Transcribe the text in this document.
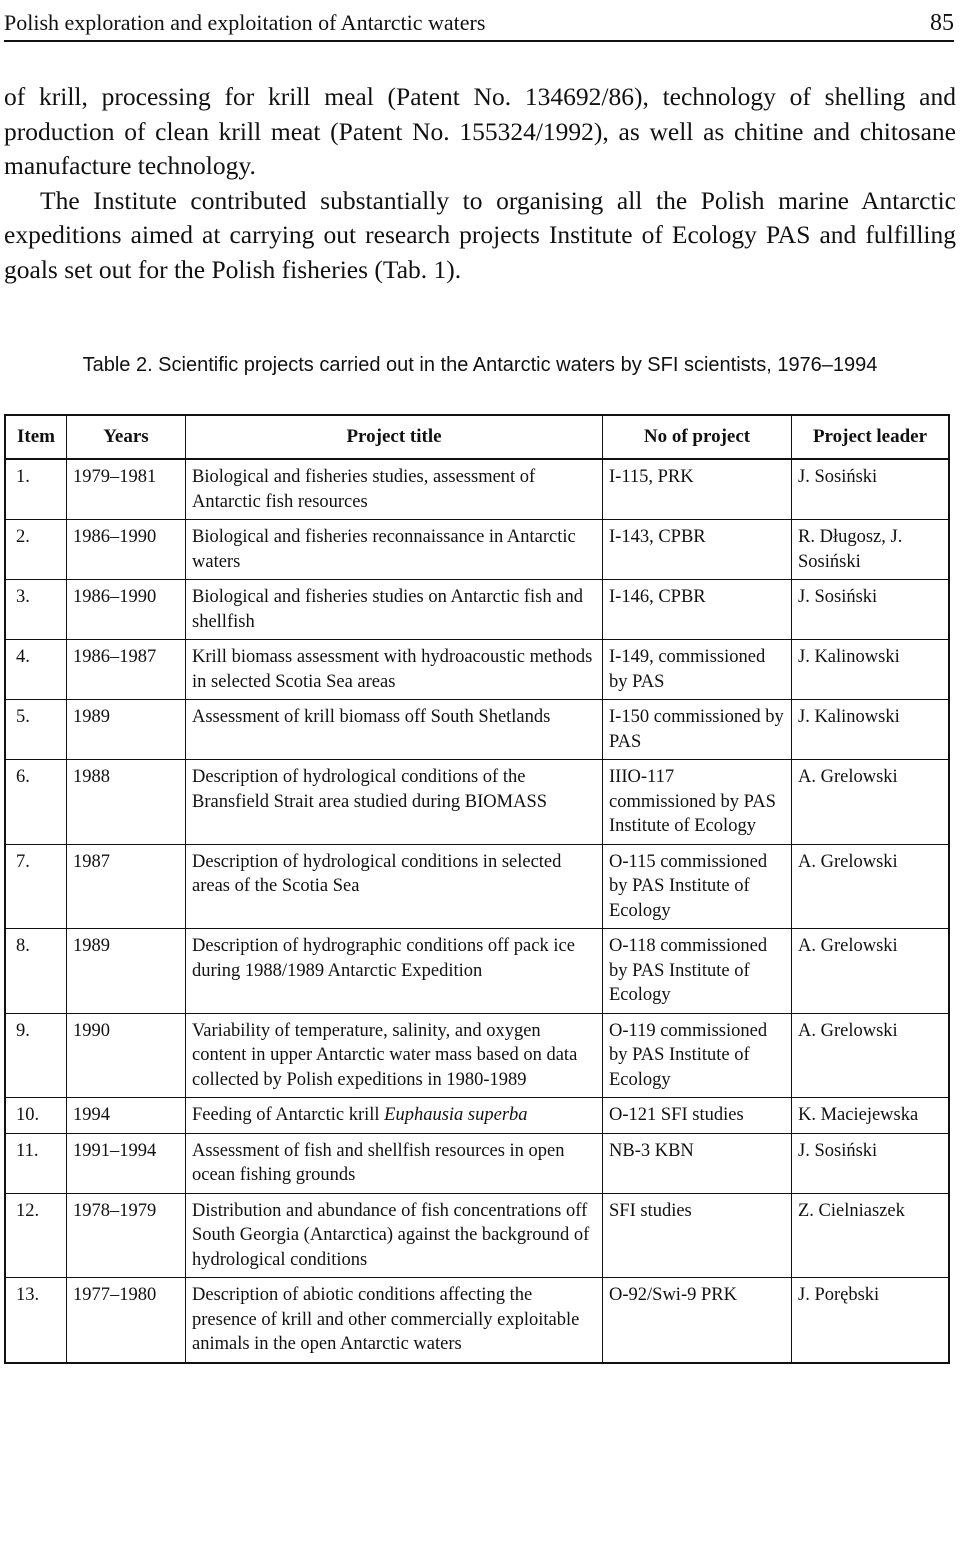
Polish exploration and exploitation of Antarctic waters	85

of krill, processing for krill meal (Patent No. 134692/86), technology of shelling and production of clean krill meat (Patent No. 155324/1992), as well as chitine and chitosane manufacture technology.

The Institute contributed substantially to organising all the Polish marine Antarctic expeditions aimed at carrying out research projects Institute of Ecology PAS and fulfilling goals set out for the Polish fisheries (Tab. 1).

Table 2. Scientific projects carried out in the Antarctic waters by SFI scientists, 1976–1994
Item	Years	Project title	No of project	Project leader
1.	1979–1981	Biological and fisheries studies, assessment of Antarctic fish resources	I-115, PRK	J. Sosiński
2.	1986–1990	Biological and fisheries reconnaissance in Antarctic waters	I-143, CPBR	R. Długosz, J. Sosiński
3.	1986–1990	Biological and fisheries studies on Antarctic fish and shellfish	I-146, CPBR	J. Sosiński
4.	1986–1987	Krill biomass assessment with hydroacoustic methods in selected Scotia Sea areas	I-149, commissioned by PAS	J. Kalinowski
5.	1989	Assessment of krill biomass off South Shetlands	I-150 commissioned by PAS	J. Kalinowski
6.	1988	Description of hydrological conditions of the Bransfield Strait area studied during BIOMASS	IIIO-117 commissioned by PAS Institute of Ecology	A. Grelowski
7.	1987	Description of hydrological conditions in selected areas of the Scotia Sea	O-115 commissioned by PAS Institute of Ecology	A. Grelowski
8.	1989	Description of hydrographic conditions off pack ice during 1988/1989 Antarctic Expedition	O-118 commissioned by PAS Institute of Ecology	A. Grelowski
9.	1990	Variability of temperature, salinity, and oxygen content in upper Antarctic water mass based on data collected by Polish expeditions in 1980-1989	O-119 commissioned by PAS Institute of Ecology	A. Grelowski
10.	1994	Feeding of Antarctic krill Euphausia superba	O-121 SFI studies	K. Maciejewska
11.	1991–1994	Assessment of fish and shellfish resources in open ocean fishing grounds	NB-3 KBN	J. Sosiński
12.	1978–1979	Distribution and abundance of fish concentrations off South Georgia (Antarctica) against the background of hydrological conditions	SFI studies	Z. Cielniaszek
13.	1977–1980	Description of abiotic conditions affecting the presence of krill and other commercially exploitable animals in the open Antarctic waters	O-92/Swi-9 PRK	J. Porębski
